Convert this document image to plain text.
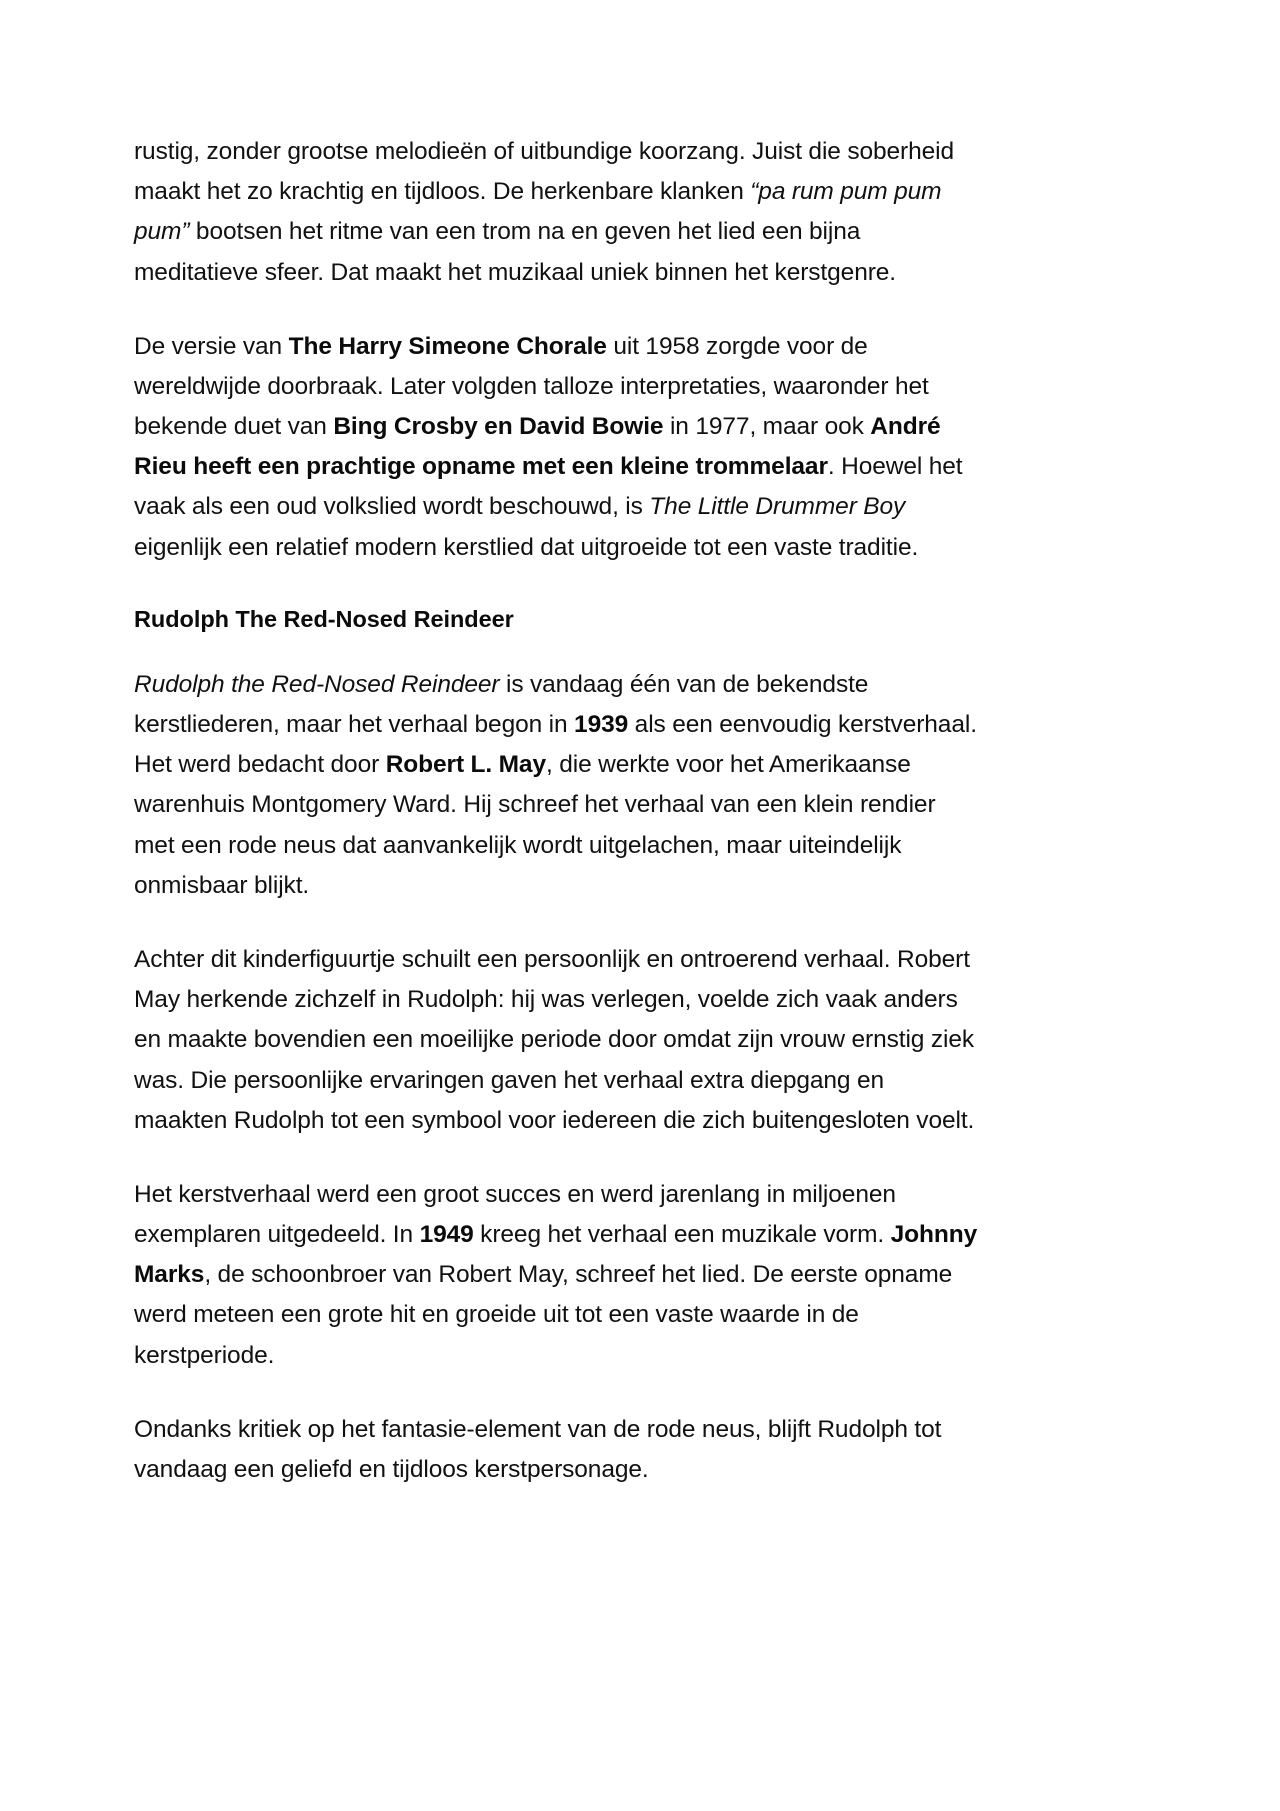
rustig, zonder grootse melodieën of uitbundige koorzang. Juist die soberheid maakt het zo krachtig en tijdloos. De herkenbare klanken “pa rum pum pum pum” bootsen het ritme van een trom na en geven het lied een bijna meditatieve sfeer. Dat maakt het muzikaal uniek binnen het kerstgenre.

De versie van The Harry Simeone Chorale uit 1958 zorgde voor de wereldwijde doorbraak. Later volgden talloze interpretaties, waaronder het bekende duet van Bing Crosby en David Bowie in 1977, maar ook André Rieu heeft een prachtige opname met een kleine trommelaar. Hoewel het vaak als een oud volkslied wordt beschouwd, is The Little Drummer Boy eigenlijk een relatief modern kerstlied dat uitgroeide tot een vaste traditie.

Rudolph The Red-Nosed Reindeer

Rudolph the Red-Nosed Reindeer is vandaag één van de bekendste kerstliederen, maar het verhaal begon in 1939 als een eenvoudig kerstverhaal. Het werd bedacht door Robert L. May, die werkte voor het Amerikaanse warenhuis Montgomery Ward. Hij schreef het verhaal van een klein rendier met een rode neus dat aanvankelijk wordt uitgelachen, maar uiteindelijk onmisbaar blijkt.

Achter dit kinderfiguurtje schuilt een persoonlijk en ontroerend verhaal. Robert May herkende zichzelf in Rudolph: hij was verlegen, voelde zich vaak anders en maakte bovendien een moeilijke periode door omdat zijn vrouw ernstig ziek was. Die persoonlijke ervaringen gaven het verhaal extra diepgang en maakten Rudolph tot een symbool voor iedereen die zich buitengesloten voelt.

Het kerstverhaal werd een groot succes en werd jarenlang in miljoenen exemplaren uitgedeeld. In 1949 kreeg het verhaal een muzikale vorm. Johnny Marks, de schoonbroer van Robert May, schreef het lied. De eerste opname werd meteen een grote hit en groeide uit tot een vaste waarde in de kerstperiode.

Ondanks kritiek op het fantasie-element van de rode neus, blijft Rudolph tot vandaag een geliefd en tijdloos kerstpersonage.
